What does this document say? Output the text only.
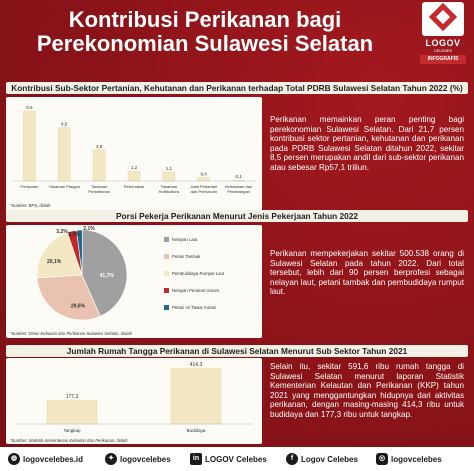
Kontribusi Perikanan bagi
Perekonomian Sulawesi Selatan	LOGOV
CELEBES
INFOGRAFIS
Kontribusi Sub-Sektor Pertanian, Kehutanan dan Perikanan terhadap Total PDRB Sulawesi Selatan Tahun 2022 (%)
8,5
Perikanan
6,5
Tanaman Pangan
3,8
Tanaman
Perkebunan
1,2
Peternakan
1,1
Tanaman
Hortikultura
0,4
Jasa Pertanian
dan Perburuan
0,1
Kehutanan dan
Penebangan
*Sumber: BPS, diolah
Perikanan memainkan peran penting bagi perekonomian Sulawesi Selatan. Dari 21,7 persen kontribusi sektor pertanian, kehutanan dan perikanan pada PDRB Sulawesi Selatan ditahun 2022, sekitar 8,5 persen merupakan andil dari sub-sektor perikanan atau sebesar Rp57,1 triliun.
Porsi Pekerja Perikanan Menurut Jenis Pekerjaan Tahun 2022
41,7%
29,6%
20,1%
3,2%	2,1%
3,3%
Nelayan Laut
Petani Tambak
Pembudidaya Rumput Laut
Nelayan Perairan Umum
Petani Air Tawar Kolam
*Sumber: Dinas Kelautan dan Perikanan Sulawesi Selatan, diolah
Perikanan mempekerjakan sekitar 500.538 orang di Sulawesi Selatan pada tahun 2022. Dari total tersebut, lebih dari 90 persen berprofesi sebagai nelayan laut, petani tambak dan pembudidaya rumput laut.
Jumlah Rumah Tangga Perikanan di Sulawesi Selatan Menurut Sub Sektor Tahun 2021
177,3
Tangkap
414,3
Budidaya
*Sumber: Statistik Kementerian Kelautan dan Perikanan, diolah
Selain itu, sekitar 591,6 ribu rumah tangga di Sulawesi Selatan menurut laporan Statistik Kementerian Kelautan dan Perikanan (KKP) tahun 2021 yang menggantungkan hidupnya dari aktivitas perikanan, dengan masing-masing 414,3 ribu untuk budidaya dan 177,3 ribu untuk tangkap.
◍ logovcelebes.id	✦ logovcelebes	in LOGOV Celebes	f Logov Celebes	◎ logovcelebes
